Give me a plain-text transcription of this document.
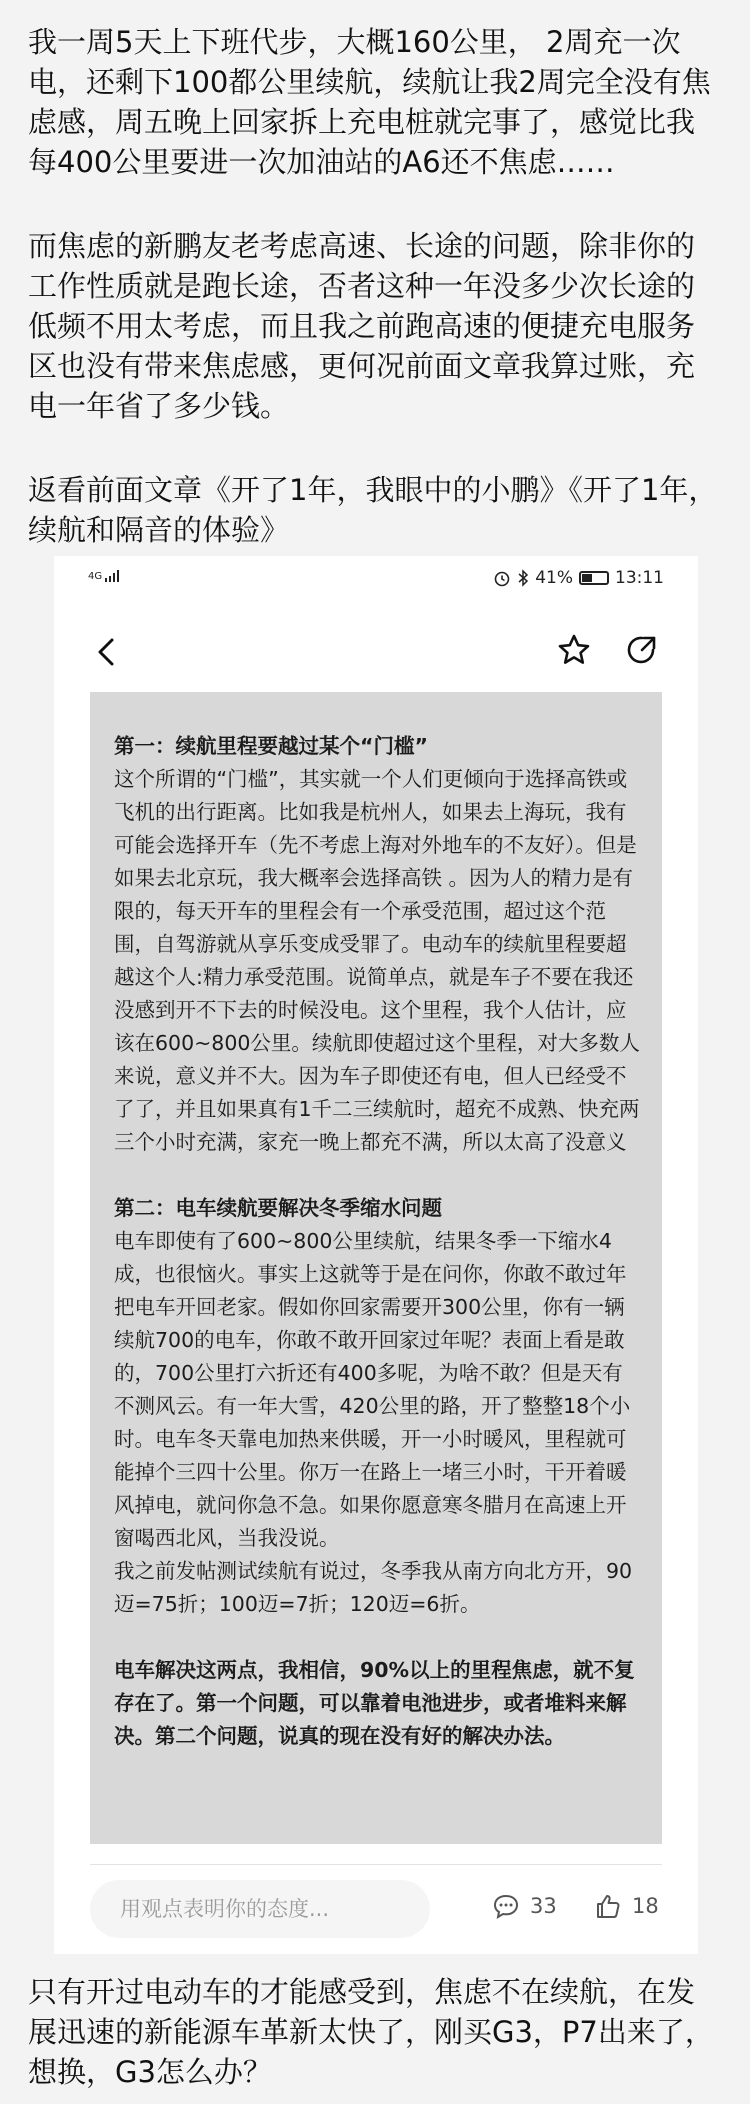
我一周5天上下班代步，大概160公里， 2周充一次电，还剩下100都公里续航，续航让我2周完全没有焦虑感，周五晚上回家拆上充电桩就完事了，感觉比我每400公里要进一次加油站的A6还不焦虑……

而焦虑的新鹏友老考虑高速、长途的问题，除非你的工作性质就是跑长途，否者这种一年没多少次长途的低频不用太考虑，而且我之前跑高速的便捷充电服务区也没有带来焦虑感，更何况前面文章我算过账，充电一年省了多少钱。

返看前面文章《开了1年，我眼中的小鹏》《开了1年，续航和隔音的体验》

4G	41% 13:11

第一：续航里程要越过某个“门槛”

这个所谓的“门槛”，其实就一个人们更倾向于选择高铁或飞机的出行距离。比如我是杭州人，如果去上海玩，我有可能会选择开车（先不考虑上海对外地车的不友好）。但是如果去北京玩，我大概率会选择高铁 。因为人的精力是有限的，每天开车的里程会有一个承受范围，超过这个范围，自驾游就从享乐变成受罪了。电动车的续航里程要超越这个人:精力承受范围。说简单点，就是车子不要在我还没感到开不下去的时候没电。这个里程，我个人估计，应该在600~800公里。续航即使超过这个里程，对大多数人来说，意义并不大。因为车子即使还有电，但人已经受不了了，并且如果真有1千二三续航时，超充不成熟、快充两三个小时充满，家充一晚上都充不满，所以太高了没意义

第二：电车续航要解决冬季缩水问题

电车即使有了600~800公里续航，结果冬季一下缩水4成，也很恼火。事实上这就等于是在问你，你敢不敢过年把电车开回老家。假如你回家需要开300公里，你有一辆续航700的电车，你敢不敢开回家过年呢？表面上看是敢的，700公里打六折还有400多呢，为啥不敢？但是天有不测风云。有一年大雪，420公里的路，开了整整18个小时。电车冬天靠电加热来供暖，开一小时暖风，里程就可能掉个三四十公里。你万一在路上一堵三小时，干开着暖风掉电，就问你急不急。如果你愿意寒冬腊月在高速上开窗喝西北风，当我没说。

我之前发帖测试续航有说过，冬季我从南方向北方开，90迈=75折；100迈=7折；120迈=6折。

电车解决这两点，我相信，90%以上的里程焦虑，就不复存在了。第一个问题，可以靠着电池进步，或者堆料来解决。第二个问题，说真的现在没有好的解决办法。

用观点表明你的态度...	33	18

只有开过电动车的才能感受到，焦虑不在续航，在发展迅速的新能源车革新太快了，刚买G3，P7出来了，想换，G3怎么办？
